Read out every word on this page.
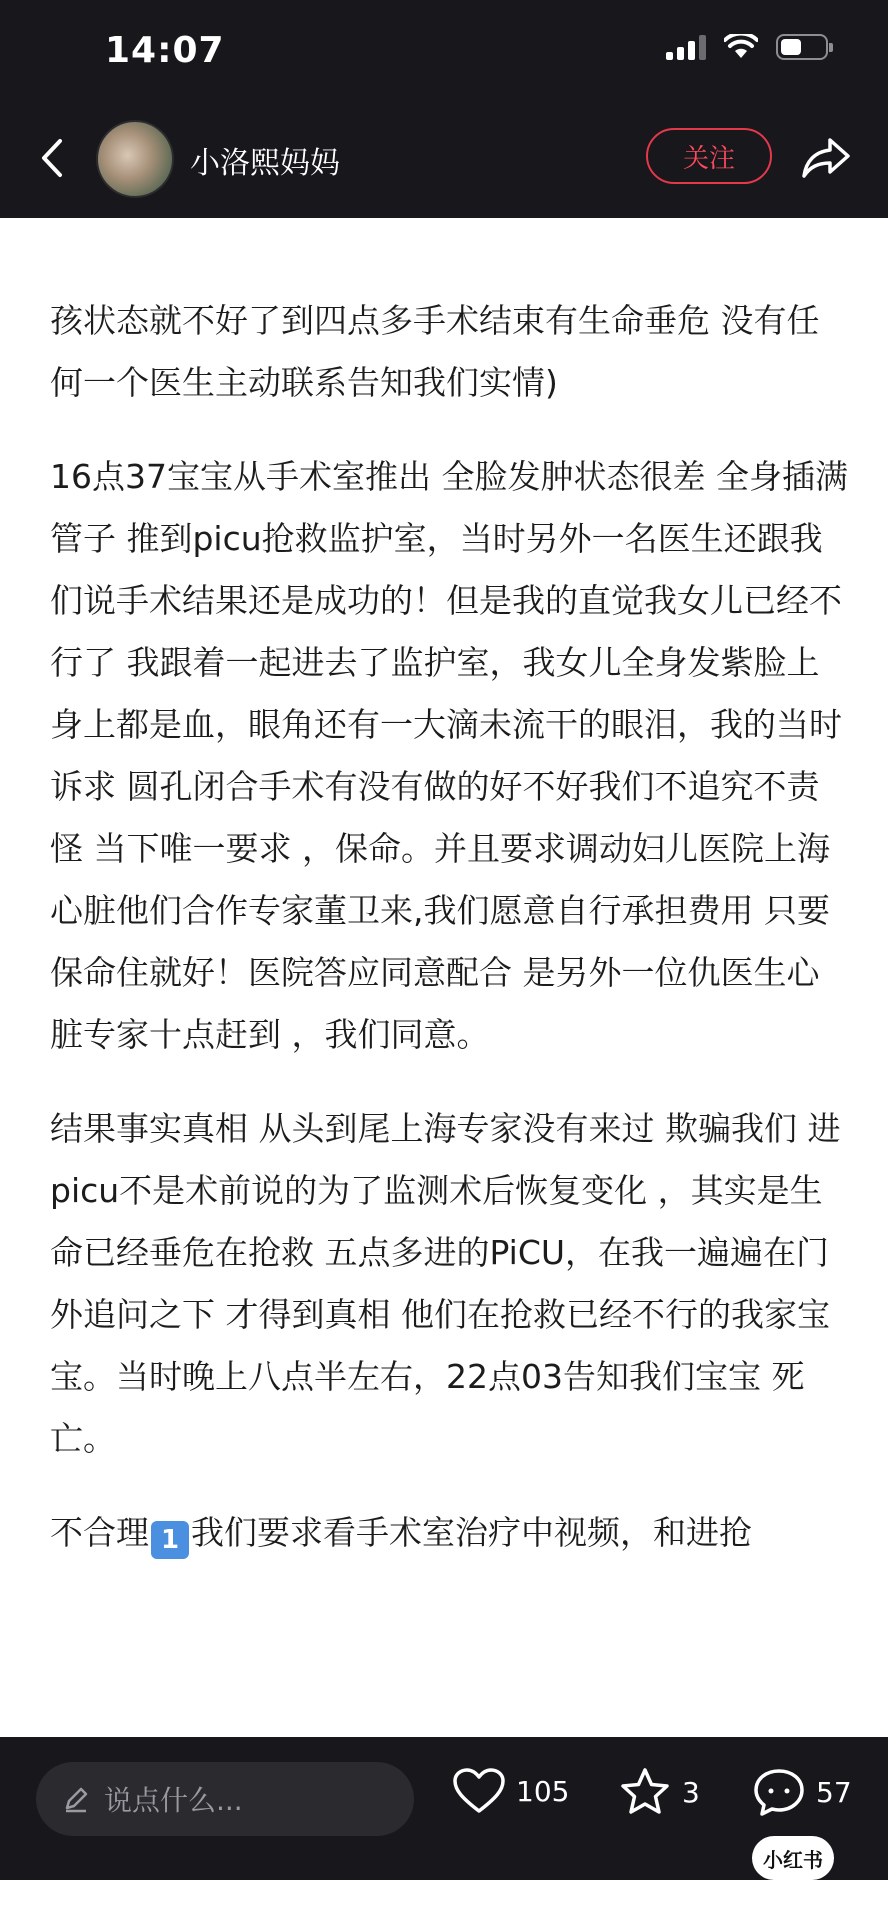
14:07
小洛熙妈妈	关注

孩状态就不好了到四点多手术结束有生命垂危 没有任何一个医生主动联系告知我们实情)

16点37宝宝从手术室推出 全脸发肿状态很差 全身插满管子 推到picu抢救监护室，当时另外一名医生还跟我们说手术结果还是成功的！但是我的直觉我女儿已经不行了 我跟着一起进去了监护室，我女儿全身发紫脸上身上都是血，眼角还有一大滴未流干的眼泪，我的当时诉求 圆孔闭合手术有没有做的好不好我们不追究不责怪 当下唯一要求 ，保命。并且要求调动妇儿医院上海心脏他们合作专家董卫来,我们愿意自行承担费用 只要保命住就好！医院答应同意配合 是另外一位仇医生心脏专家十点赶到 ，我们同意。

结果事实真相 从头到尾上海专家没有来过 欺骗我们 进picu不是术前说的为了监测术后恢复变化 ，其实是生命已经垂危在抢救 五点多进的PiCU，在我一遍遍在门外追问之下 才得到真相 他们在抢救已经不行的我家宝宝。当时晚上八点半左右，22点03告知我们宝宝 死亡。

不合理 1 我们要求看手术室治疗中视频，和进抢

说点什么...	105	3	57
小红书
小红书号：4203307090...
